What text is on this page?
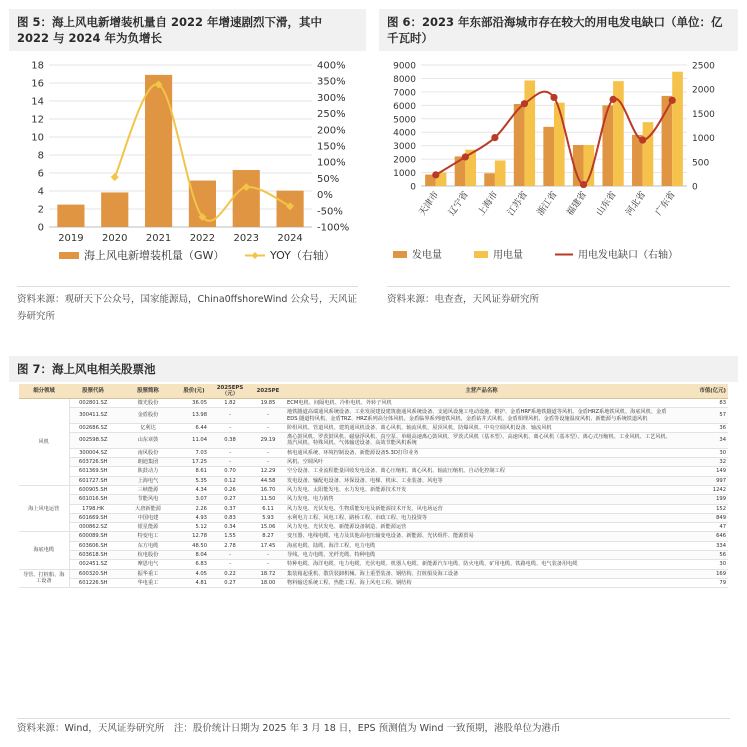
图 5：海上风电新增装机量自 2022 年增速剧烈下滑，其中 2022 与 2024 年为负增长
0
2
4
6
8
10
12
14
16
18
-100%
-50%
0%
50%
100%
150%
200%
250%
300%
350%
400%
2019 2020 2021 2022 2023 2024
海上风电新增装机量（GW）	YOY（右轴）
资料来源：观研天下公众号，国家能源局，China0ffshoreWind 公众号，天风证券研究所
图 6：2023 年东部沿海城市存在较大的用电发电缺口（单位：亿千瓦时）
0
1000
2000
3000
4000
5000
6000
7000
8000
9000
0
500
1000
1500
2000
2500
天津市 辽宁省 上海市 江苏省 浙江省 福建省 山东省 河北省 广东省
发电量	用电量	用电发电缺口（右轴）
资料来源：电查查，天风证券研究所
图 7：海上风电相关股票池
细分领域	股票代码	股票简称	股价(元)	2025EPS（元）	2025PE	主营产品名称	市值(亿元)
风机	002801.SZ	微光股份	36.05	1.82	19.85	ECM电机、间隔电机、冷柜电机、外转子风机	83
	300411.SZ	金盾股份	13.98	-	-	地铁隧道高端通风系统设备、工业发展建设建筑施通风系统设备、支通风设施工电动设施、维护、金盾HRF系地铁隧道等风机、金盾HRZ系地铁风机、海底风机、金盾EDS 隧道特风机、金盾TRZ、HRZ系列高分体风机、金盾临界系列地铁风机、金盾钻井式风机、金盾相理风机、金盾等设施温度风机、新能源与系统铁道风机	57
	002686.SZ	亿利达	6.44	-	-	阶组风机、管道风机、建筑通风机设备、离心风机、轴流风机、屋顶风机、防爆风机、中央空调风机设备、轴流风机	36
	002598.SZ	山东章鼓	11.04	0.38	29.19	离心鼓风机、罗茨鼓风机、磁悬浮风机、真空泵、单级高速离心鼓风机、罗茨式风机（基本型）、高速风机、离心风机（基本型）、离心式压缩机、工业风机、工艺风机、蒸汽风机、特殊风机、气体输送设备、高效节能风机系统	34
	300004.SZ	南风股份	7.03	-	-	核电通风系统、环境控制设备、新能源设备5.3D打印业务	30
	603726.SH	朗迪集团	17.25	-	-	风机、空调风叶	32
	601369.SH	陕鼓动力	8.61	0.70	12.29	空分设备、工业流程能量回收发电设备、离心压缩机、离心风机、轴流压缩机、自动化控制工程	149
	601727.SH	上海电气	5.35	0.12	44.58	发电设备、输配电设备、环保设备、电梯、机床、工业装备、风电等	997
海上风电运营	600905.SH	三峡能源	4.34	0.26	16.70	风力发电、太阳能发电、水力发电、新能源技术开发	1242
	601016.SH	节能风电	3.07	0.27	11.50	风力发电、电力销售	199
	1798.HK	大唐新能源	2.26	0.37	6.11	风力发电、光伏发电、生物质能发电及新能源技术开发、风电场运营	152
	601669.SH	中国电建	4.93	0.83	5.93	水利电力工程、风电工程、路桥工程、市政工程、电力投资等	849
	000862.SZ	银星能源	5.12	0.34	15.06	风力发电、光伏发电、新能源设备制造、新能源运营	47
海底电缆	600089.SH	特变电工	12.78	1.55	8.27	变压器、电线电缆、电力及其他高电压输变电设备、新能源、光伏组件、能源贸易	646
	603606.SH	东方电缆	48.50	2.78	17.45	海底电缆、陆缆、海洋工程、电力电缆	334
	603618.SH	杭电股份	8.04	-	-	导线、电力电缆、光纤光缆、特种电缆	56
	002451.SZ	摩恩电气	6.83	-	-	特种电缆、海洋电缆、电力电缆、光伏电缆、机器人电缆、新能源汽车电缆、防火电缆、矿用电缆、铁路电缆、电气装备用电缆	30
导管、打桩船、海工设备	600320.SH	振华重工	4.05	0.22	18.72	集装箱起重机、散货装卸机械、海上重型装备、钢结构、打桩船及海工设备	169
	601226.SH	华电重工	4.81	0.27	18.00	物料输送系统工程、热能工程、海上风电工程、钢结构	79
资料来源：Wind，天风证券研究所　注：股价统计日期为 2025 年 3 月 18 日，EPS 预测值为 Wind 一致预期，港股单位为港币
